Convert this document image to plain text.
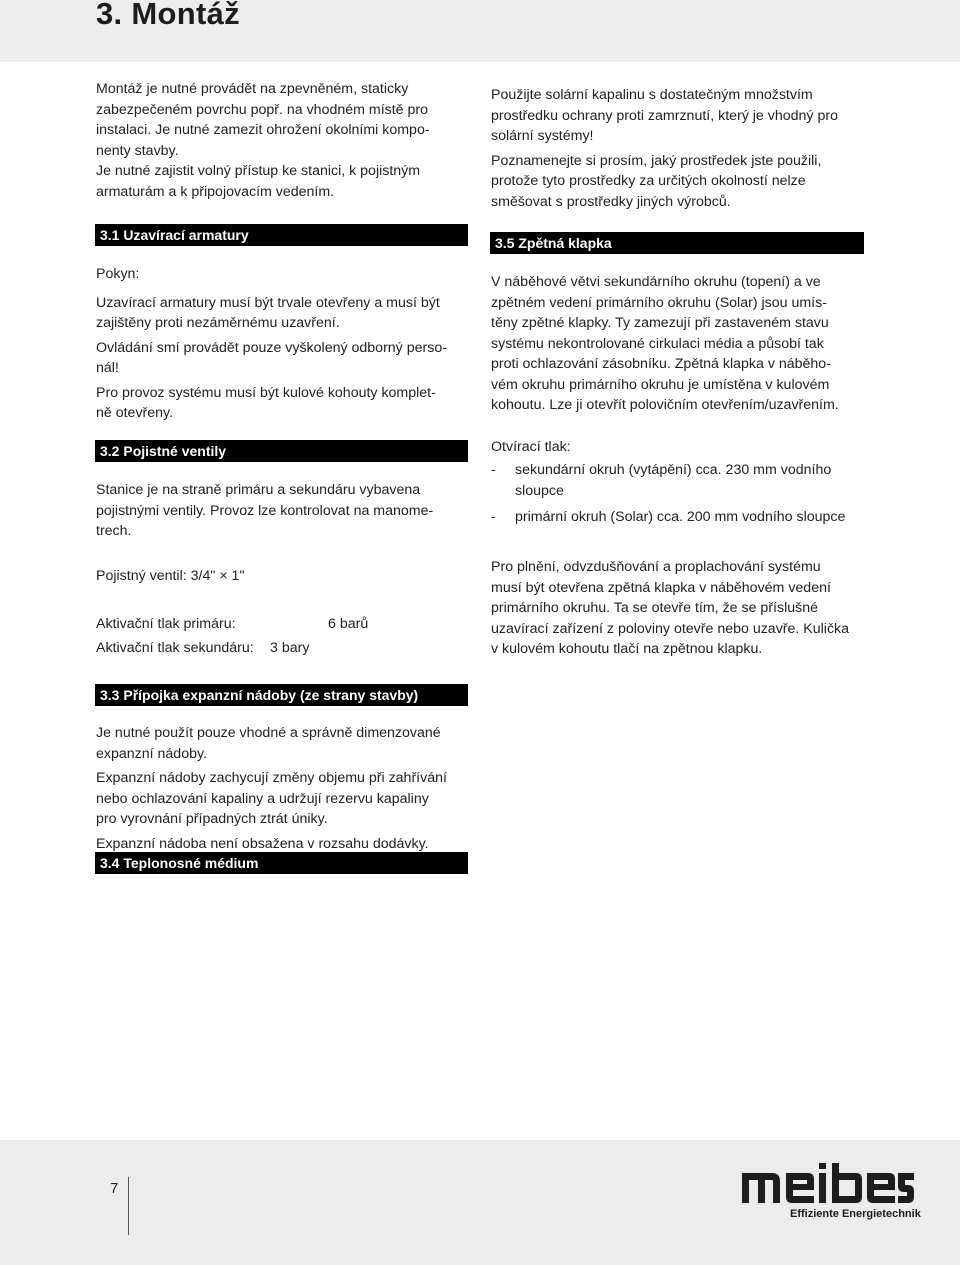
3. Montáž

Montáž je nutné provádět na zpevněném, staticky

zabezpečeném povrchu popř. na vhodném místě pro

instalaci. Je nutné zamezit ohrožení okolními kompo-

nenty stavby.

Je nutné zajistit volný přístup ke stanici, k pojistným

armaturám a k připojovacím vedením.

3.1 Uzavírací armatury

Pokyn:

Uzavírací armatury musí být trvale otevřeny a musí být

zajištěny proti nezáměrnému uzavření.

Ovládání smí provádět pouze vyškolený odborný perso-

nál!

Pro provoz systému musí být kulové kohouty komplet-

ně otevřeny.

3.2 Pojistné ventily

Stanice je na straně primáru a sekundáru vybavena

pojistnými ventily. Provoz lze kontrolovat na manome-

trech.

Pojistný ventil: 3/4" × 1"
Aktivační tlak primáru:	6 barů
Aktivační tlak sekundáru: 3 bary
3.3 Přípojka expanzní nádoby (ze strany stavby)

Je nutné použít pouze vhodné a správně dimenzované

expanzní nádoby.

Expanzní nádoby zachycují změny objemu při zahřívání

nebo ochlazování kapaliny a udržují rezervu kapaliny

pro vyrovnání případných ztrát úniky.

Expanzní nádoba není obsažena v rozsahu dodávky.

3.4 Teplonosné médium

Použijte solární kapalinu s dostatečným množstvím

prostředku ochrany proti zamrznutí, který je vhodný pro

solární systémy!

Poznamenejte si prosím, jaký prostředek jste použili,

protože tyto prostředky za určitých okolností nelze

směšovat s prostředky jiných výrobců.

3.5 Zpětná klapka

V náběhové větvi sekundárního okruhu (topení) a ve

zpětném vedení primárního okruhu (Solar) jsou umís-

těny zpětné klapky. Ty zamezují při zastaveném stavu

systému nekontrolované cirkulaci média a působí tak

proti ochlazování zásobníku. Zpětná klapka v náběho-

vém okruhu primárního okruhu je umístěna v kulovém

kohoutu. Lze ji otevřít polovičním otevřením/uzavřením.

Otvírací tlak:
- sekundární okruh (vytápění) cca. 230 mm vodního
sloupce
- primární okruh (Solar) cca. 200 mm vodního sloupce

Pro plnění, odvzdušňování a proplachování systému

musí být otevřena zpětná klapka v náběhovém vedení

primárního okruhu. Ta se otevře tím, že se příslušné

uzavírací zařízení z poloviny otevře nebo uzavře. Kulička

v kulovém kohoutu tlačí na zpětnou klapku.

7
Effiziente Energietechnik
